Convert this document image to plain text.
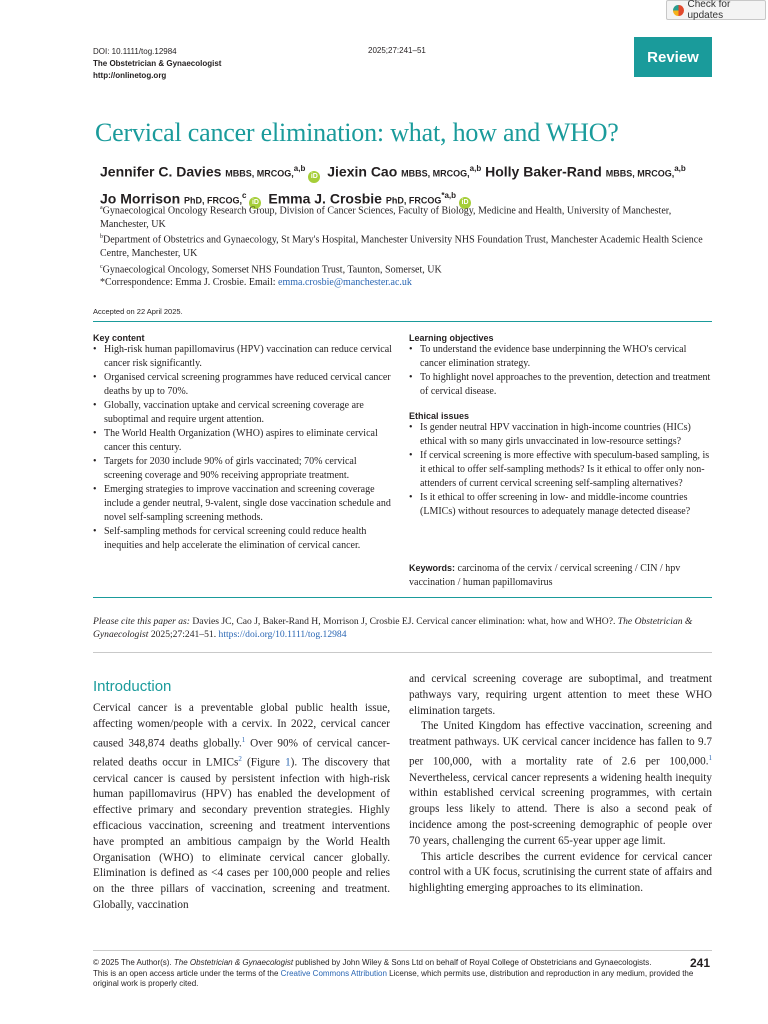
Check for updates
DOI: 10.1111/tog.12984
The Obstetrician & Gynaecologist
http://onlinetog.org
2025;27:241–51	Review
Cervical cancer elimination: what, how and WHO?
Jennifer C. Davies MBBS, MRCOG,$^{a,b}$iD Jiexin Cao MBBS, MRCOG,$^{a,b}$ Holly Baker-Rand MBBS, MRCOG,$^{a,b}$
Jo Morrison PhD, FRCOG,$^c$iD Emma J. Crosbie PhD, FRCOG$^{*a,b}$iD
$^a$Gynaecological Oncology Research Group, Division of Cancer Sciences, Faculty of Biology, Medicine and Health, University of Manchester, Manchester, UK
$^b$Department of Obstetrics and Gynaecology, St Mary's Hospital, Manchester University NHS Foundation Trust, Manchester Academic Health Science Centre, Manchester, UK
$^c$Gynaecological Oncology, Somerset NHS Foundation Trust, Taunton, Somerset, UK
*Correspondence: Emma J. Crosbie. Email: emma.crosbie@manchester.ac.uk
Accepted on 22 April 2025.
Key content
• High-risk human papillomavirus (HPV) vaccination can reduce cervical cancer risk significantly.
• Organised cervical screening programmes have reduced cervical cancer deaths by up to 70%.
• Globally, vaccination uptake and cervical screening coverage are suboptimal and require urgent attention.
• The World Health Organization (WHO) aspires to eliminate cervical cancer this century.
• Targets for 2030 include 90% of girls vaccinated; 70% cervical screening coverage and 90% receiving appropriate treatment.
• Emerging strategies to improve vaccination and screening coverage include a gender neutral, 9-valent, single dose vaccination schedule and novel self-sampling screening methods.
• Self-sampling methods for cervical screening could reduce health inequities and help accelerate the elimination of cervical cancer.
Learning objectives
• To understand the evidence base underpinning the WHO's cervical cancer elimination strategy.
• To highlight novel approaches to the prevention, detection and treatment of cervical disease.
Ethical issues
• Is gender neutral HPV vaccination in high-income countries (HICs) ethical with so many girls unvaccinated in low-resource settings?
• If cervical screening is more effective with speculum-based sampling, is it ethical to offer self-sampling methods? Is it ethical to offer only non-attenders of current cervical screening self-sampling alternatives?
• Is it ethical to offer screening in low- and middle-income countries (LMICs) without resources to adequately manage detected disease?
Keywords: carcinoma of the cervix / cervical screening / CIN / hpv vaccination / human papillomavirus
Please cite this paper as: Davies JC, Cao J, Baker-Rand H, Morrison J, Crosbie EJ. Cervical cancer elimination: what, how and WHO?. The Obstetrician & Gynaecologist 2025;27:241–51. https://doi.org/10.1111/tog.12984
Introduction

Cervical cancer is a preventable global public health issue, affecting women/people with a cervix. In 2022, cervical cancer caused 348,874 deaths globally.$^1$ Over 90% of cervical cancer-related deaths occur in LMICs$^2$ (Figure 1). The discovery that cervical cancer is caused by persistent infection with high-risk human papillomavirus (HPV) has enabled the development of effective primary and secondary prevention strategies. Highly efficacious vaccination, screening and treatment interventions have prompted an ambitious campaign by the World Health Organisation (WHO) to eliminate cervical cancer globally. Elimination is defined as <4 cases per 100,000 people and relies on the three pillars of vaccination, screening and treatment. Globally, vaccination

and cervical screening coverage are suboptimal, and treatment pathways vary, requiring urgent attention to meet these WHO elimination targets.

The United Kingdom has effective vaccination, screening and treatment pathways. UK cervical cancer incidence has fallen to 9.7 per 100,000, with a mortality rate of 2.6 per 100,000.$^1$ Nevertheless, cervical cancer represents a widening health inequity within established cervical screening programmes, with certain groups less likely to attend. There is also a second peak of incidence among the post-screening demographic of people over 70 years, challenging the current 65-year upper age limit.

This article describes the current evidence for cervical cancer control with a UK focus, scrutinising the current state of affairs and highlighting emerging approaches to its elimination.

© 2025 The Author(s). The Obstetrician & Gynaecologist published by John Wiley & Sons Ltd on behalf of Royal College of Obstetricians and Gynaecologists.
This is an open access article under the terms of the Creative Commons Attribution License, which permits use, distribution and reproduction in any medium, provided the original work is properly cited.
241
